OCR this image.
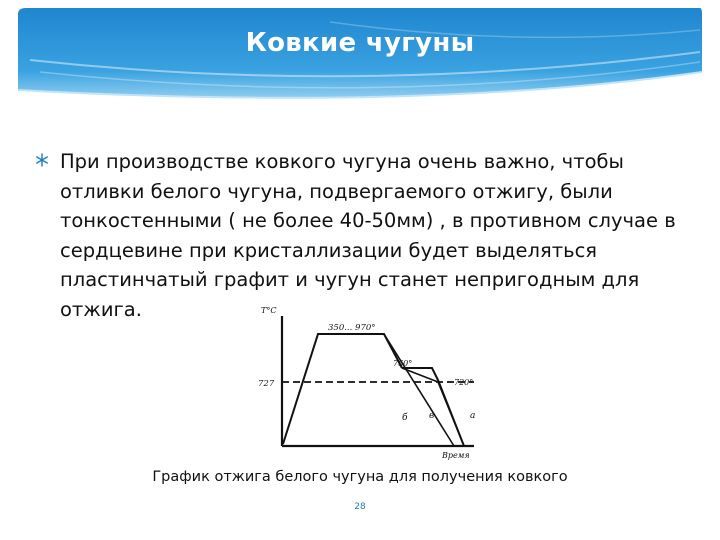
Ковкие чугуны
При производстве ковкого чугуна очень важно, чтобы отливки белого чугуна, подвергаемого отжигу, были тонкостенными ( не более 40-50мм) , в противном случае в сердцевине при кристаллизации будет выделяться пластинчатый графит и чугун станет непригодным для отжига.	T°C
727
350... 970°
760°
720°
б в	а
Время
График отжига белого чугуна для получения ковкого
28
